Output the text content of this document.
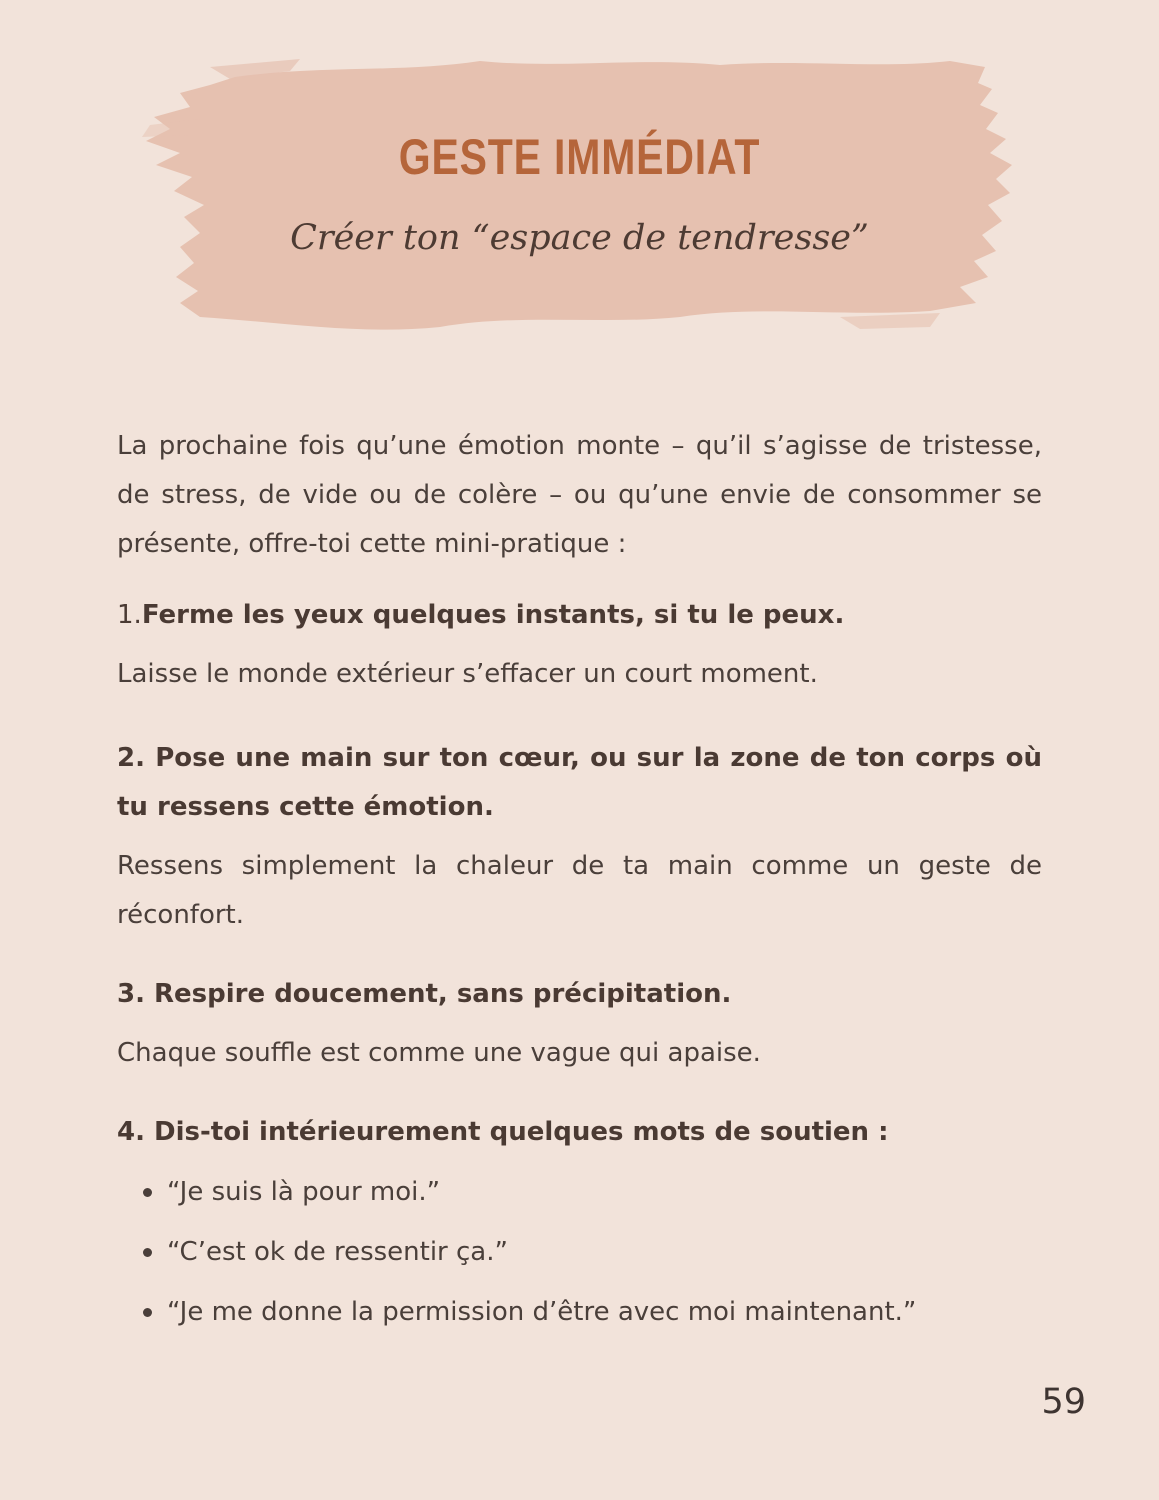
GESTE IMMÉDIAT
Créer ton “espace de tendresse”

La prochaine fois qu’une émotion monte – qu’il s’agisse de tristesse, de stress, de vide ou de colère – ou qu’une envie de consommer se présente, offre-toi cette mini-pratique :

1.Ferme les yeux quelques instants, si tu le peux.

Laisse le monde extérieur s’effacer un court moment.

2. Pose une main sur ton cœur, ou sur la zone de ton corps où tu ressens cette émotion.

Ressens simplement la chaleur de ta main comme un geste de réconfort.

3. Respire doucement, sans précipitation.

Chaque souffle est comme une vague qui apaise.

4. Dis-toi intérieurement quelques mots de soutien :

“Je suis là pour moi.”
“C’est ok de ressentir ça.”
“Je me donne la permission d’être avec moi maintenant.”
59
